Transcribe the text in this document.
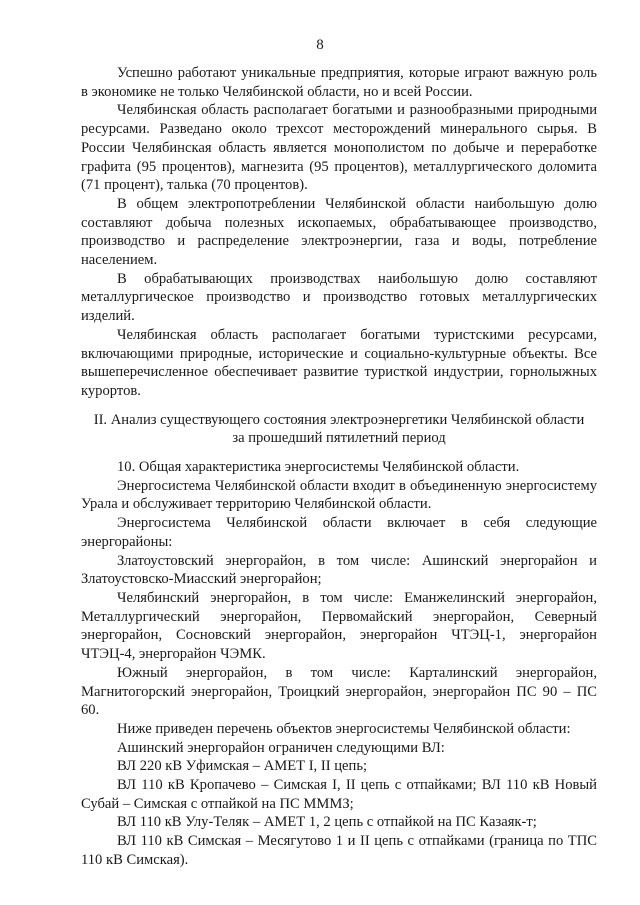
8

Успешно работают уникальные предприятия, которые играют важную роль в экономике не только Челябинской области, но и всей России.

Челябинская область располагает богатыми и разнообразными природными ресурсами. Разведано около трехсот месторождений минерального сырья. В России Челябинская область является монополистом по добыче и переработке графита (95 процентов), магнезита (95 процентов), металлургического доломита (71 процент), талька (70 процентов).

В общем электропотреблении Челябинской области наибольшую долю составляют добыча полезных ископаемых, обрабатывающее производство, производство и распределение электроэнергии, газа и воды, потребление населением.

В обрабатывающих производствах наибольшую долю составляют металлургическое производство и производство готовых металлургических изделий.

Челябинская область располагает богатыми туристскими ресурсами, включающими природные, исторические и социально-культурные объекты. Все вышеперечисленное обеспечивает развитие туристкой индустрии, горнолыжных курортов.

II. Анализ существующего состояния электроэнергетики Челябинской области
за прошедший пятилетний период

10. Общая характеристика энергосистемы Челябинской области.

Энергосистема Челябинской области входит в объединенную энергосистему Урала и обслуживает территорию Челябинской области.

Энергосистема Челябинской области включает в себя следующие энергорайоны:

Златоустовский энергорайон, в том числе: Ашинский энергорайон и Златоустовско-Миасский энергорайон;

Челябинский энергорайон, в том числе: Еманжелинский энергорайон, Металлургический энергорайон, Первомайский энергорайон, Северный энергорайон, Сосновский энергорайон, энергорайон ЧТЭЦ-1, энергорайон ЧТЭЦ-4, энергорайон ЧЭМК.

Южный энергорайон, в том числе: Карталинский энергорайон, Магнитогорский энергорайон, Троицкий энергорайон, энергорайон ПС 90 – ПС 60.

Ниже приведен перечень объектов энергосистемы Челябинской области:

Ашинский энергорайон ограничен следующими ВЛ:

ВЛ 220 кВ Уфимская – АМЕТ I, II цепь;

ВЛ 110 кВ Кропачево – Симская I, II цепь с отпайками; ВЛ 110 кВ Новый Субай – Симская с отпайкой на ПС МММЗ;

ВЛ 110 кВ Улу-Теляк – АМЕТ 1, 2 цепь с отпайкой на ПС Казаяк-т;

ВЛ 110 кВ Симская – Месягутово 1 и II цепь с отпайками (граница по ТПС 110 кВ Симская).
